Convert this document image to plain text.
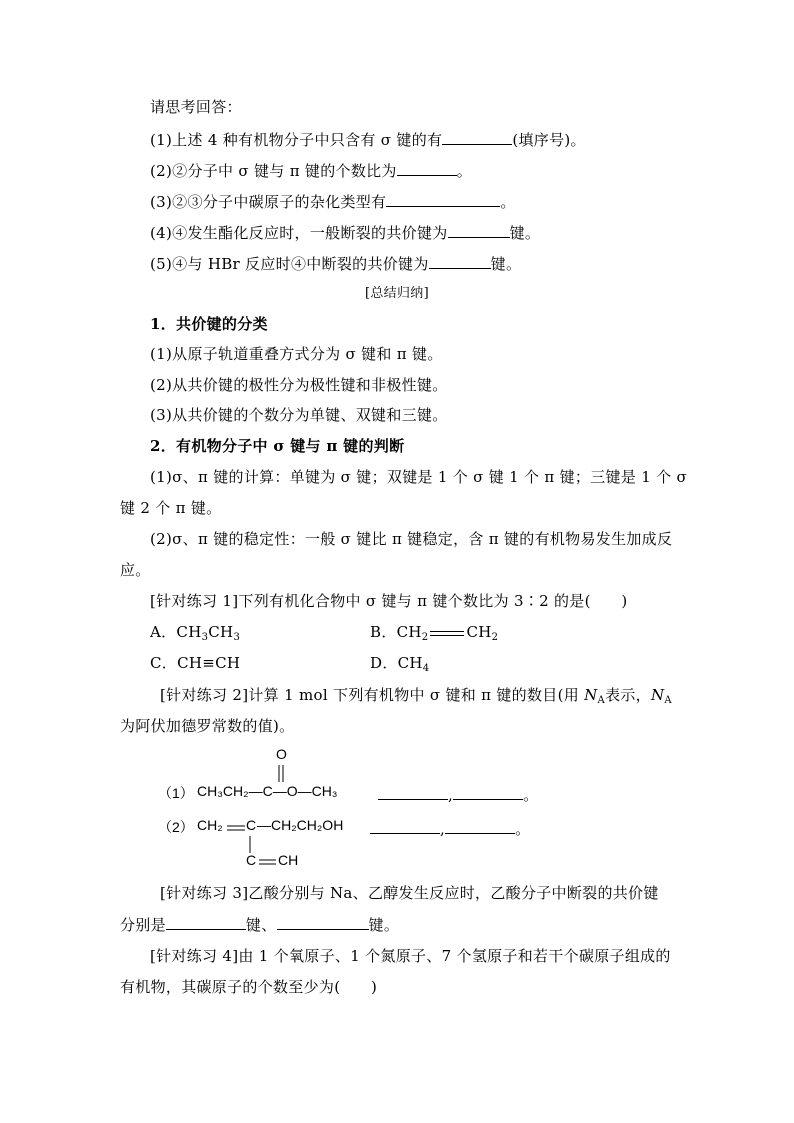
请思考回答：
(1)上述 4 种有机物分子中只含有 σ 键的有	(填序号)。
(2)②分子中 σ 键与 π 键的个数比为	。
(3)②③分子中碳原子的杂化类型有	。
(4)④发生酯化反应时，一般断裂的共价键为	键。
(5)④与 HBr 反应时④中断裂的共价键为	键。
[总结归纳]
1．共价键的分类
(1)从原子轨道重叠方式分为 σ 键和 π 键。
(2)从共价键的极性分为极性键和非极性键。
(3)从共价键的个数分为单键、双键和三键。
2．有机物分子中 σ 键与 π 键的判断
(1)σ、π 键的计算：单键为 σ 键；双键是 1 个 σ 键 1 个 π 键；三键是 1 个 σ
键 2 个 π 键。
(2)σ、π 键的稳定性：一般 σ 键比 π 键稳定，含 π 键的有机物易发生加成反
应。
[针对练习 1]下列有机化合物中 σ 键与 π 键个数比为 3∶2 的是(　　)
A．$CH_3CH_3$	B．$CH_2$	$CH_2$
C．CH≡CH	D．$CH_4$
[针对练习 2]计算 1 mol 下列有机物中 σ 键和 π 键的数目(用 $N_A$表示，$N_A$
为阿伏加德罗常数的值)。
（1）
O
CH₃CH₂—C—O—CH₃	,	。
（2） CH₂ C —CH₂CH₂OH
C CH
,	。
[针对练习 3]乙酸分别与 Na、乙醇发生反应时，乙酸分子中断裂的共价键
分别是	键、	键。
[针对练习 4]由 1 个氧原子、1 个氮原子、7 个氢原子和若干个碳原子组成的
有机物，其碳原子的个数至少为(　　)
